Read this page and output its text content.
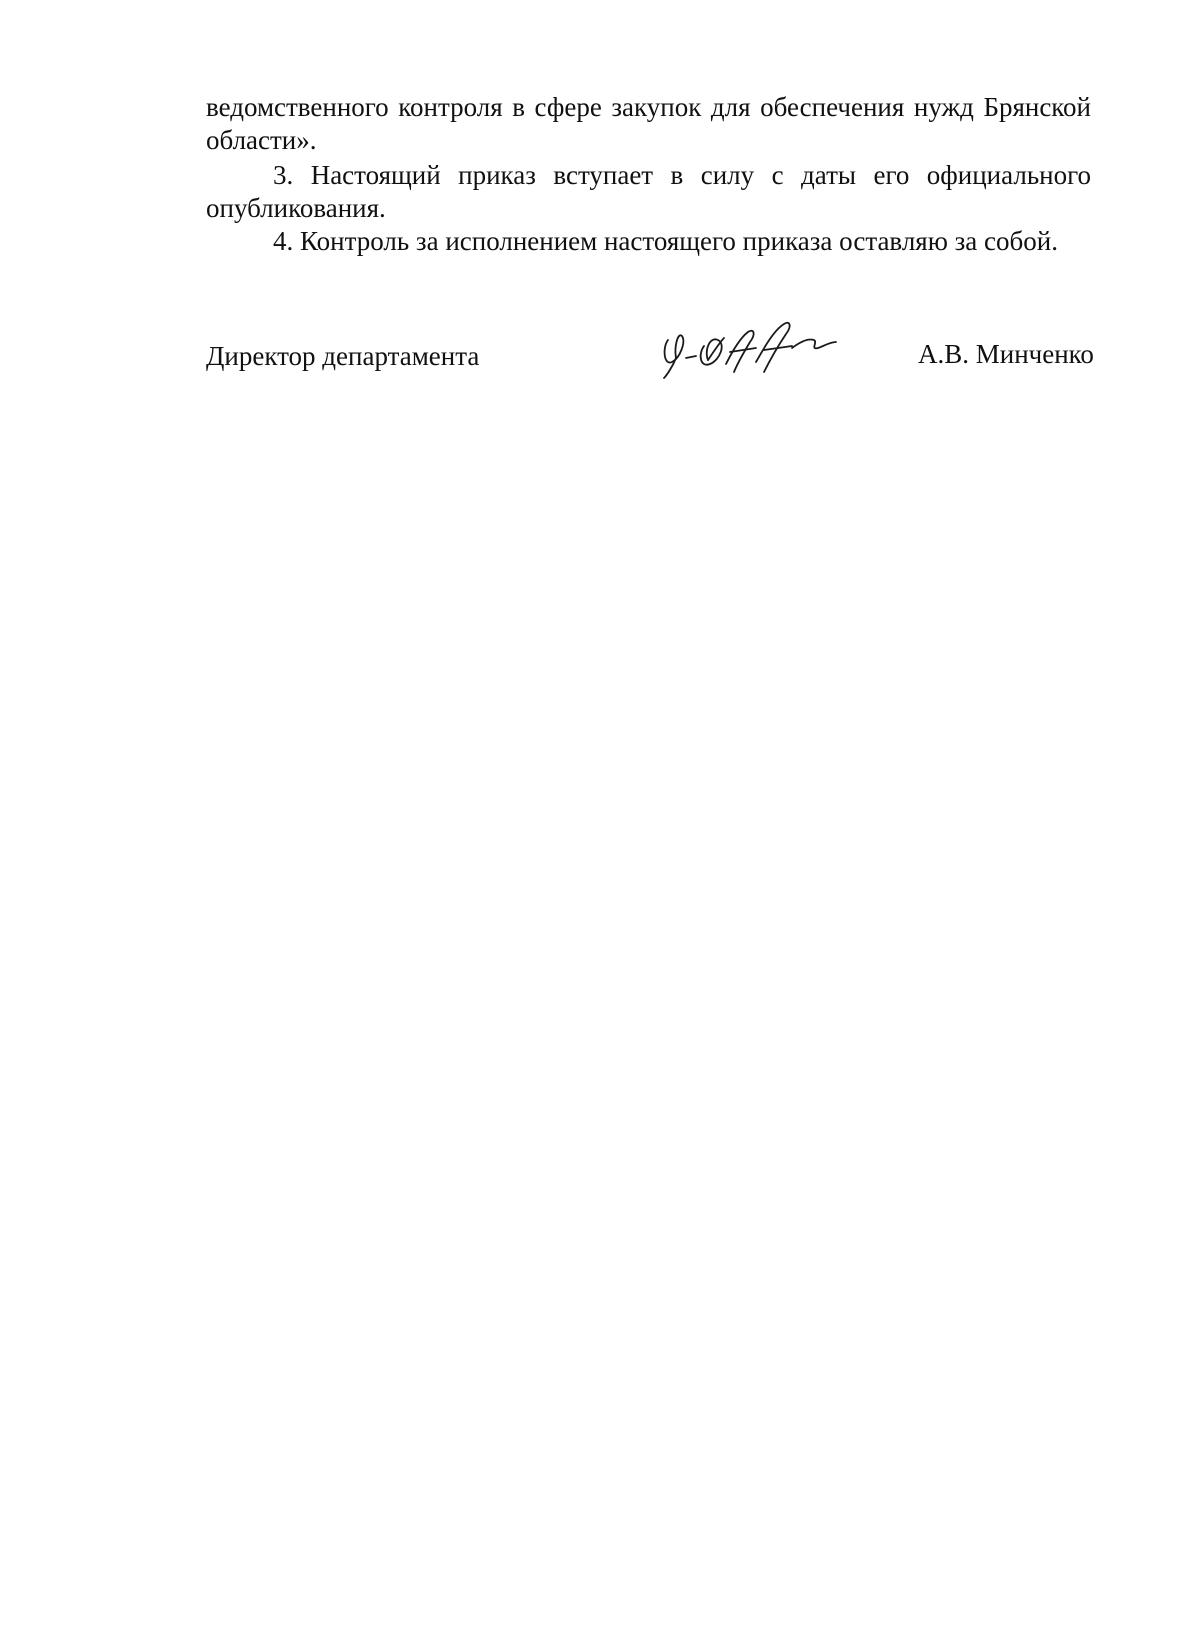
ведомственного контроля в сфере закупок для обеспечения нужд Брянской области».

3. Настоящий приказ вступает в силу с даты его официального опубликования.

4. Контроль за исполнением настоящего приказа оставляю за собой.

Директор департамента	А.В. Минченко
